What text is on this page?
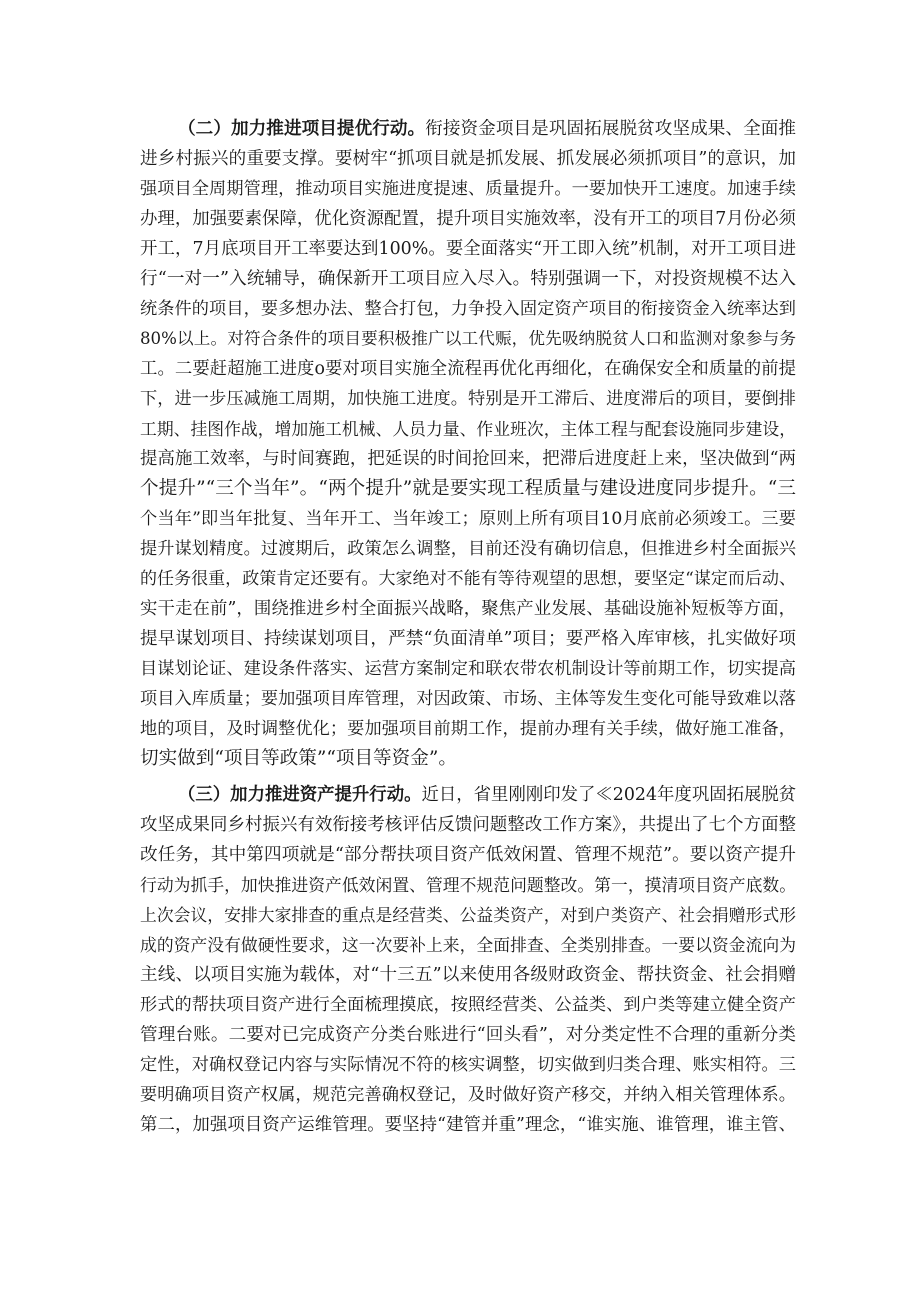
（二）加力推进项目提优行动。衔接资金项目是巩固拓展脱贫攻坚成果、全面推
进乡村振兴的重要支撑。要树牢“抓项目就是抓发展、抓发展必须抓项目”的意识，加
强项目全周期管理，推动项目实施进度提速、质量提升。一要加快开工速度。加速手续
办理，加强要素保障，优化资源配置，提升项目实施效率，没有开工的项目7月份必须
开工，7月底项目开工率要达到100%。要全面落实“开工即入统”机制，对开工项目进
行“一对一”入统辅导，确保新开工项目应入尽入。特别强调一下，对投资规模不达入
统条件的项目，要多想办法、整合打包，力争投入固定资产项目的衔接资金入统率达到
80%以上。对符合条件的项目要积极推广以工代赈，优先吸纳脱贫人口和监测对象参与务
工。二要赶超施工进度o要对项目实施全流程再优化再细化，在确保安全和质量的前提
下，进一步压减施工周期，加快施工进度。特别是开工滞后、进度滞后的项目，要倒排
工期、挂图作战，增加施工机械、人员力量、作业班次，主体工程与配套设施同步建设，
提高施工效率，与时间赛跑，把延误的时间抢回来，把滞后进度赶上来，坚决做到“两
个提升”“三个当年”。“两个提升”就是要实现工程质量与建设进度同步提升。“三
个当年”即当年批复、当年开工、当年竣工；原则上所有项目10月底前必须竣工。三要
提升谋划精度。过渡期后，政策怎么调整，目前还没有确切信息，但推进乡村全面振兴
的任务很重，政策肯定还要有。大家绝对不能有等待观望的思想，要坚定“谋定而后动、
实干走在前”，围绕推进乡村全面振兴战略，聚焦产业发展、基础设施补短板等方面，
提早谋划项目、持续谋划项目，严禁“负面清单”项目；要严格入库审核，扎实做好项
目谋划论证、建设条件落实、运营方案制定和联农带农机制设计等前期工作，切实提高
项目入库质量；要加强项目库管理，对因政策、市场、主体等发生变化可能导致难以落
地的项目，及时调整优化；要加强项目前期工作，提前办理有关手续，做好施工准备，
切实做到“项目等政策”“项目等资金”。
（三）加力推进资产提升行动。近日，省里刚刚印发了≪2024年度巩固拓展脱贫
攻坚成果同乡村振兴有效衔接考核评估反馈问题整改工作方案》，共提出了七个方面整
改任务，其中第四项就是“部分帮扶项目资产低效闲置、管理不规范”。要以资产提升
行动为抓手，加快推进资产低效闲置、管理不规范问题整改。第一，摸清项目资产底数。
上次会议，安排大家排查的重点是经营类、公益类资产，对到户类资产、社会捐赠形式形
成的资产没有做硬性要求，这一次要补上来，全面排查、全类别排查。一要以资金流向为
主线、以项目实施为载体，对“十三五”以来使用各级财政资金、帮扶资金、社会捐赠
形式的帮扶项目资产进行全面梳理摸底，按照经营类、公益类、到户类等建立健全资产
管理台账。二要对已完成资产分类台账进行“回头看”，对分类定性不合理的重新分类
定性，对确权登记内容与实际情况不符的核实调整，切实做到归类合理、账实相符。三
要明确项目资产权属，规范完善确权登记，及时做好资产移交，并纳入相关管理体系。
第二，加强项目资产运维管理。要坚持“建管并重”理念，“谁实施、谁管理，谁主管、
